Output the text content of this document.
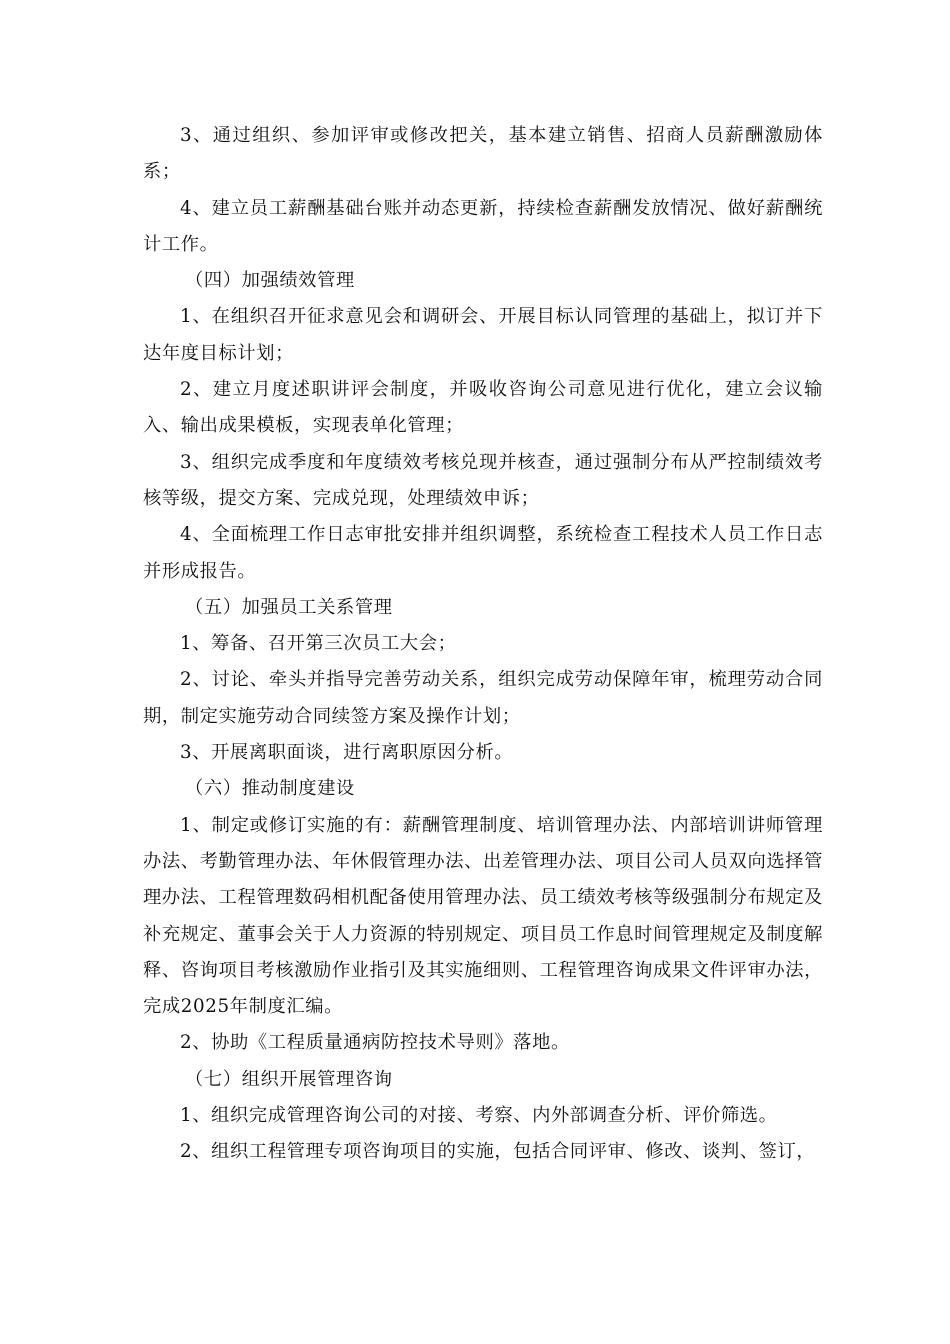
3、通过组织、参加评审或修改把关，基本建立销售、招商人员薪酬激励体系；

4、建立员工薪酬基础台账并动态更新，持续检查薪酬发放情况、做好薪酬统计工作。

（四）加强绩效管理

1、在组织召开征求意见会和调研会、开展目标认同管理的基础上，拟订并下达年度目标计划；

2、建立月度述职讲评会制度，并吸收咨询公司意见进行优化，建立会议输入、输出成果模板，实现表单化管理；

3、组织完成季度和年度绩效考核兑现并核查，通过强制分布从严控制绩效考核等级，提交方案、完成兑现，处理绩效申诉；

4、全面梳理工作日志审批安排并组织调整，系统检查工程技术人员工作日志并形成报告。

（五）加强员工关系管理

1、筹备、召开第三次员工大会；

2、讨论、牵头并指导完善劳动关系，组织完成劳动保障年审，梳理劳动合同期，制定实施劳动合同续签方案及操作计划；

3、开展离职面谈，进行离职原因分析。

（六）推动制度建设

1、制定或修订实施的有：薪酬管理制度、培训管理办法、内部培训讲师管理办法、考勤管理办法、年休假管理办法、出差管理办法、项目公司人员双向选择管理办法、工程管理数码相机配备使用管理办法、员工绩效考核等级强制分布规定及补充规定、董事会关于人力资源的特别规定、项目员工作息时间管理规定及制度解释、咨询项目考核激励作业指引及其实施细则、工程管理咨询成果文件评审办法，完成2025年制度汇编。

2、协助《工程质量通病防控技术导则》落地。

（七）组织开展管理咨询

1、组织完成管理咨询公司的对接、考察、内外部调查分析、评价筛选。

2、组织工程管理专项咨询项目的实施，包括合同评审、修改、谈判、签订，
